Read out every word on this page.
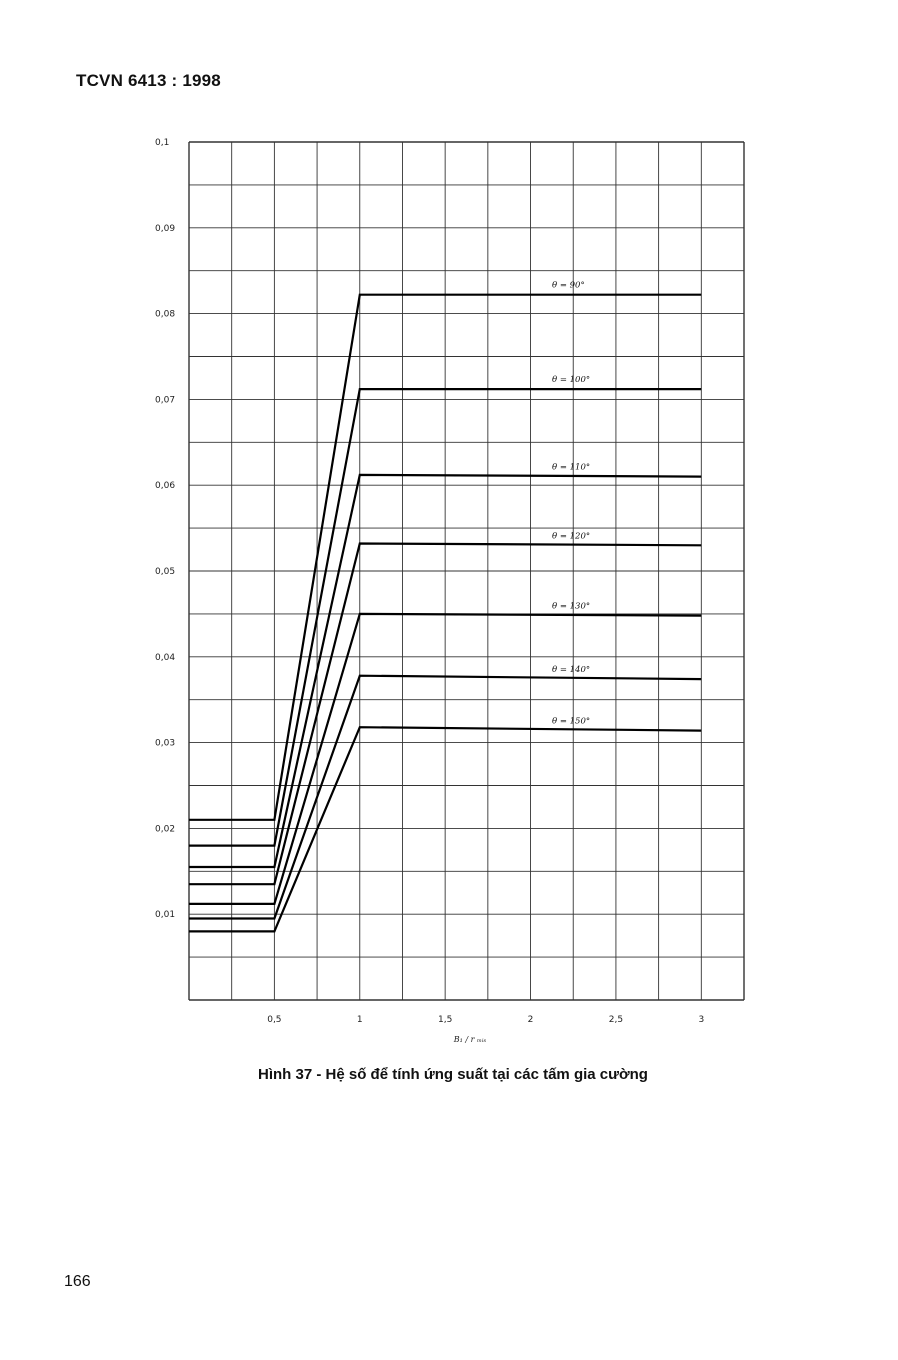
TCVN 6413 : 1998
0,01
0,02
0,03
0,04
0,05
0,06
0,07
0,08
0,09
0,1
0,5	1	1,5	2	2,5	3
θ = 90°
θ = 100°
θ = 110°
θ = 120°
θ = 130°
θ = 140°
θ = 150°
B₁ / r ₘᵢₛ
Hình 37 - Hệ số để tính ứng suất tại các tấm gia cường
166
